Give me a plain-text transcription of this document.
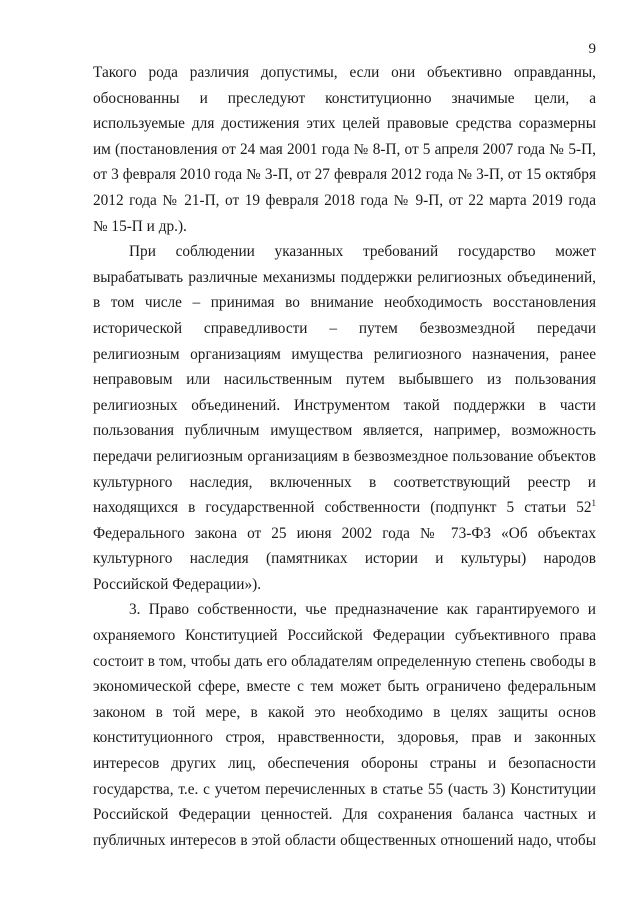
9
Такого рода различия допустимы, если они объективно оправданны,
обоснованны и преследуют конституционно значимые цели, а
используемые для достижения этих целей правовые средства соразмерны
им (постановления от 24 мая 2001 года № 8-П, от 5 апреля 2007 года № 5-П,
от 3 февраля 2010 года № 3-П, от 27 февраля 2012 года № 3-П, от 15 октября
2012 года № 21-П, от 19 февраля 2018 года № 9-П, от 22 марта 2019 года
№ 15-П и др.).
При соблюдении указанных требований государство может
вырабатывать различные механизмы поддержки религиозных объединений,
в том числе – принимая во внимание необходимость восстановления
исторической справедливости – путем безвозмездной передачи
религиозным организациям имущества религиозного назначения, ранее
неправовым или насильственным путем выбывшего из пользования
религиозных объединений. Инструментом такой поддержки в части
пользования публичным имуществом является, например, возможность
передачи религиозным организациям в безвозмездное пользование объектов
культурного наследия, включенных в соответствующий реестр и
находящихся в государственной собственности (подпункт 5 статьи $52^1$
Федерального закона от 25 июня 2002 года № 73-ФЗ «Об объектах
культурного наследия (памятниках истории и культуры) народов
Российской Федерации»).
3. Право собственности, чье предназначение как гарантируемого и
охраняемого Конституцией Российской Федерации субъективного права
состоит в том, чтобы дать его обладателям определенную степень свободы в
экономической сфере, вместе с тем может быть ограничено федеральным
законом в той мере, в какой это необходимо в целях защиты основ
конституционного строя, нравственности, здоровья, прав и законных
интересов других лиц, обеспечения обороны страны и безопасности
государства, т.е. с учетом перечисленных в статье 55 (часть 3) Конституции
Российской Федерации ценностей. Для сохранения баланса частных и
публичных интересов в этой области общественных отношений надо, чтобы
